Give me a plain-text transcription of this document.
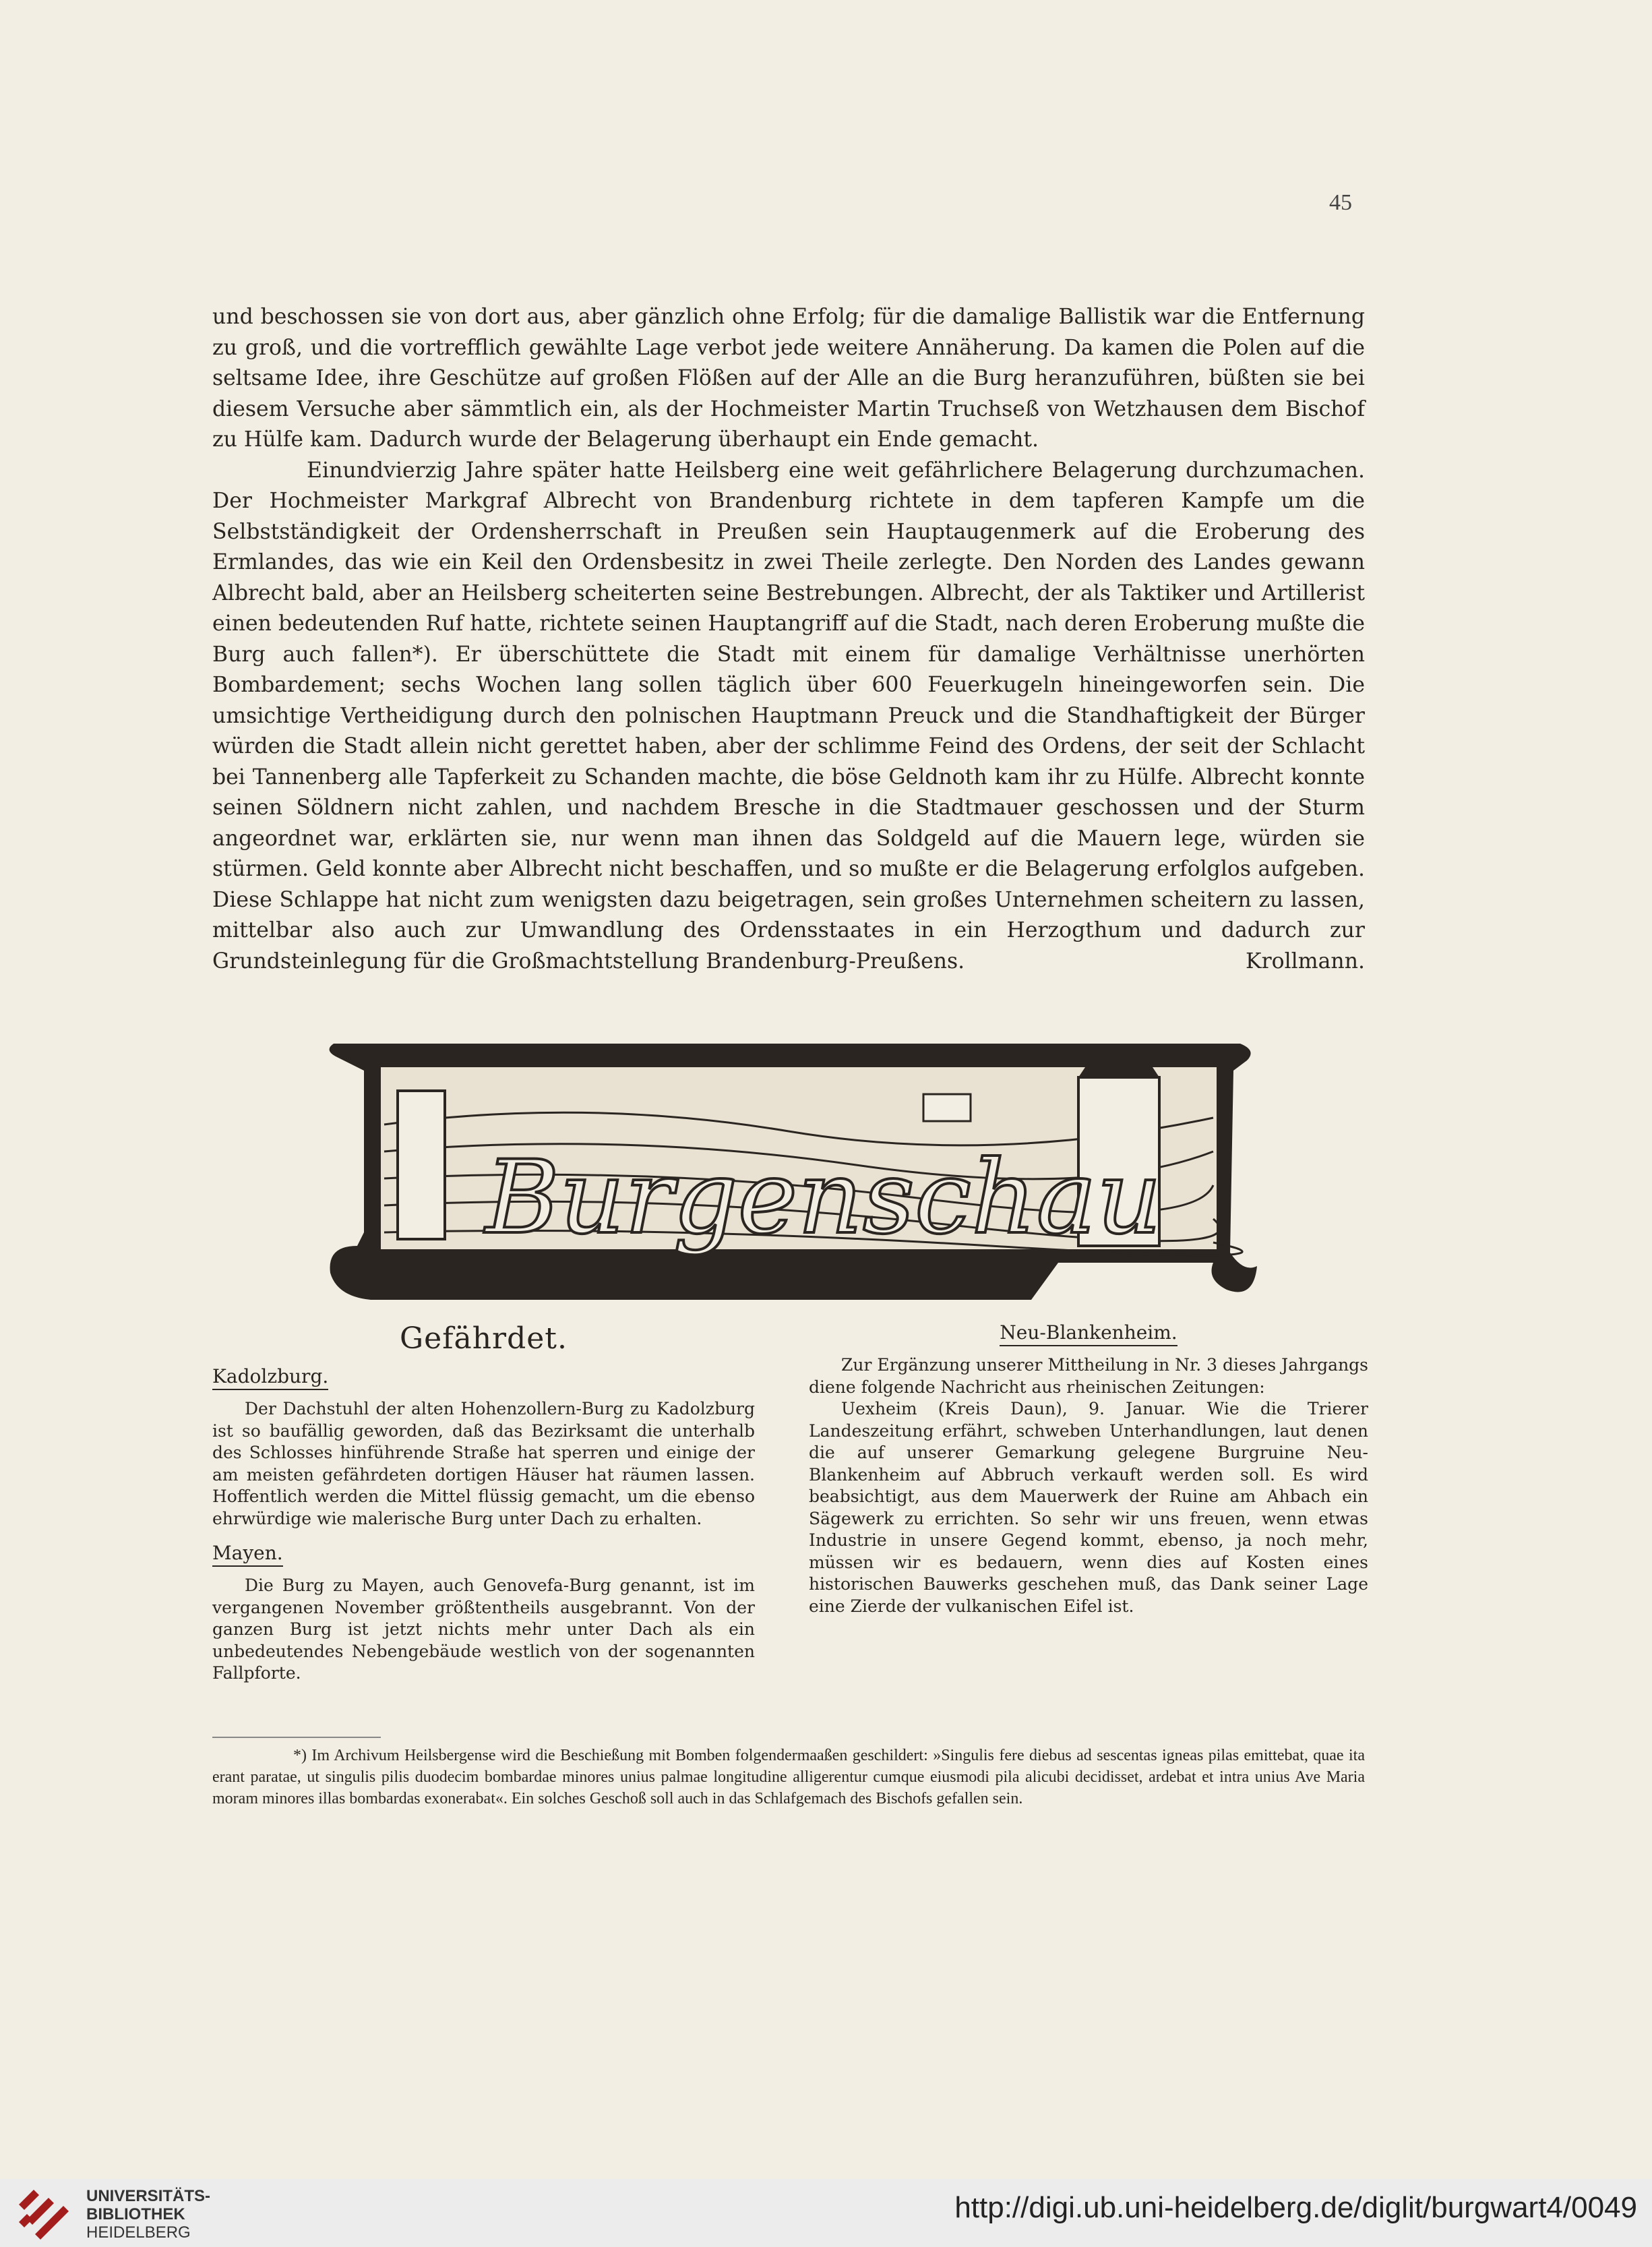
45

und beschossen sie von dort aus, aber gänzlich ohne Erfolg; für die damalige Ballistik war die Entfernung zu groß, und die vortrefflich gewählte Lage verbot jede weitere Annäherung. Da kamen die Polen auf die seltsame Idee, ihre Geschütze auf großen Flößen auf der Alle an die Burg heranzuführen, büßten sie bei diesem Versuche aber sämmtlich ein, als der Hochmeister Martin Truchseß von Wetzhausen dem Bischof zu Hülfe kam. Dadurch wurde der Belagerung überhaupt ein Ende gemacht.

Einundvierzig Jahre später hatte Heilsberg eine weit gefährlichere Belagerung durchzumachen. Der Hochmeister Markgraf Albrecht von Brandenburg richtete in dem tapferen Kampfe um die Selbstständigkeit der Ordensherrschaft in Preußen sein Hauptaugenmerk auf die Eroberung des Ermlandes, das wie ein Keil den Ordensbesitz in zwei Theile zerlegte. Den Norden des Landes gewann Albrecht bald, aber an Heilsberg scheiterten seine Bestrebungen. Albrecht, der als Taktiker und Artillerist einen bedeutenden Ruf hatte, richtete seinen Hauptangriff auf die Stadt, nach deren Eroberung mußte die Burg auch fallen*). Er überschüttete die Stadt mit einem für damalige Verhältnisse unerhörten Bombardement; sechs Wochen lang sollen täglich über 600 Feuerkugeln hineingeworfen sein. Die umsichtige Vertheidigung durch den polnischen Hauptmann Preuck und die Standhaftigkeit der Bürger würden die Stadt allein nicht gerettet haben, aber der schlimme Feind des Ordens, der seit der Schlacht bei Tannenberg alle Tapferkeit zu Schanden machte, die böse Geldnoth kam ihr zu Hülfe. Albrecht konnte seinen Söldnern nicht zahlen, und nachdem Bresche in die Stadtmauer geschossen und der Sturm angeordnet war, erklärten sie, nur wenn man ihnen das Soldgeld auf die Mauern lege, würden sie stürmen. Geld konnte aber Albrecht nicht beschaffen, und so mußte er die Belagerung erfolglos aufgeben. Diese Schlappe hat nicht zum wenigsten dazu beigetragen, sein großes Unternehmen scheitern zu lassen, mittelbar also auch zur Umwandlung des Ordensstaates in ein Herzogthum und dadurch zur Grundsteinlegung für die Großmachtstellung Brandenburg-Preußens.	Krollmann.
Burgenschau
Gefährdet.
Kadolzburg.

Der Dachstuhl der alten Hohenzollern-Burg zu Kadolzburg ist so baufällig geworden, daß das Bezirksamt die unterhalb des Schlosses hinführende Straße hat sperren und einige der am meisten gefährdeten dortigen Häuser hat räumen lassen. Hoffentlich werden die Mittel flüssig gemacht, um die ebenso ehrwürdige wie malerische Burg unter Dach zu erhalten.

Mayen.

Die Burg zu Mayen, auch Genovefa-Burg genannt, ist im vergangenen November größtentheils ausgebrannt. Von der ganzen Burg ist jetzt nichts mehr unter Dach als ein unbedeutendes Nebengebäude westlich von der sogenannten Fallpforte.

Neu-Blankenheim.

Zur Ergänzung unserer Mittheilung in Nr. 3 dieses Jahrgangs diene folgende Nachricht aus rheinischen Zeitungen:

Uexheim (Kreis Daun), 9. Januar. Wie die Trierer Landeszeitung erfährt, schweben Unterhandlungen, laut denen die auf unserer Gemarkung gelegene Burgruine Neu-Blankenheim auf Abbruch verkauft werden soll. Es wird beabsichtigt, aus dem Mauerwerk der Ruine am Ahbach ein Sägewerk zu errichten. So sehr wir uns freuen, wenn etwas Industrie in unsere Gegend kommt, ebenso, ja noch mehr, müssen wir es bedauern, wenn dies auf Kosten eines historischen Bauwerks geschehen muß, das Dank seiner Lage eine Zierde der vulkanischen Eifel ist.

*) Im Archivum Heilsbergense wird die Beschießung mit Bomben folgendermaaßen geschildert: »Singulis fere diebus ad sescentas igneas pilas emittebat, quae ita erant paratae, ut singulis pilis duodecim bombardae minores unius palmae longitudine alligerentur cumque eiusmodi pila alicubi decidisset, ardebat et intra unius Ave Maria moram minores illas bombardas exonerabat«. Ein solches Geschoß soll auch in das Schlafgemach des Bischofs gefallen sein.
UNIVERSITÄTS-
BIBLIOTHEK
HEIDELBERG
http://digi.ub.uni-heidelberg.de/diglit/burgwart4/0049
